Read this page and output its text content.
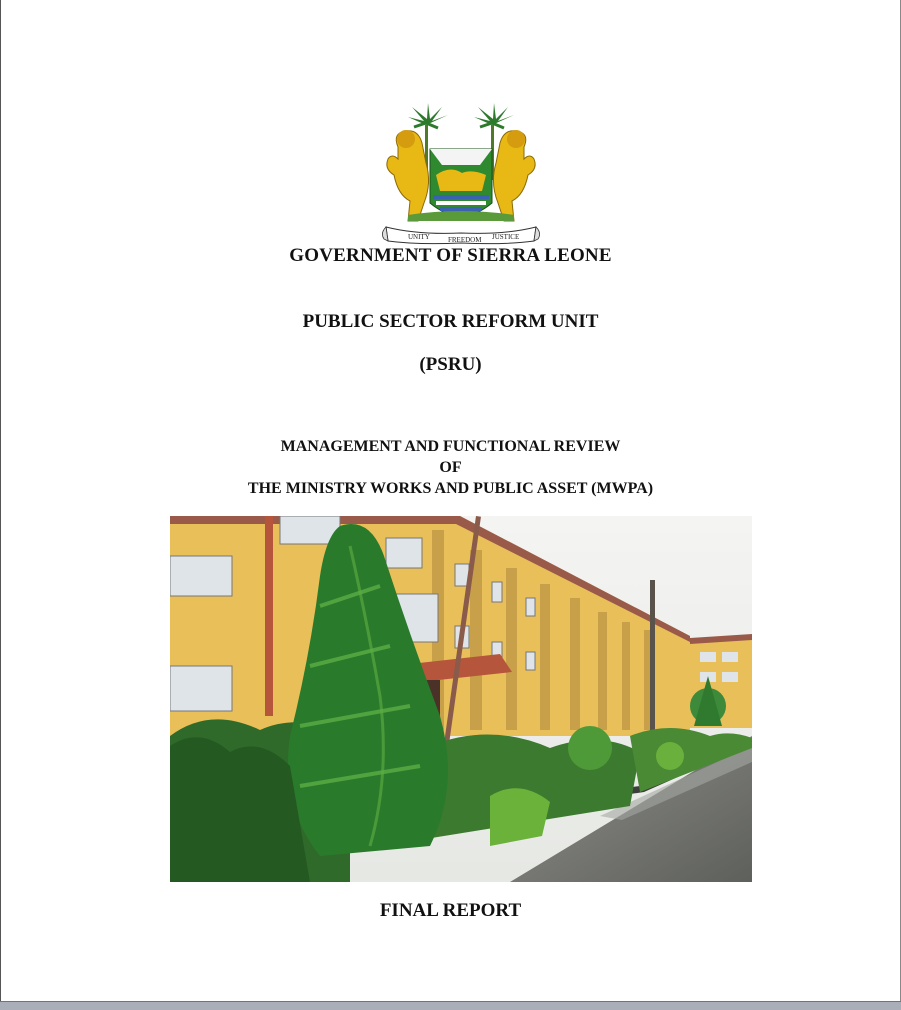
UNITY	FREEDOM JUSTICE

GOVERNMENT OF SIERRA LEONE

PUBLIC SECTOR REFORM UNIT

(PSRU)

MANAGEMENT AND FUNCTIONAL REVIEW
OF
THE MINISTRY WORKS AND PUBLIC ASSET (MWPA)

FINAL REPORT
